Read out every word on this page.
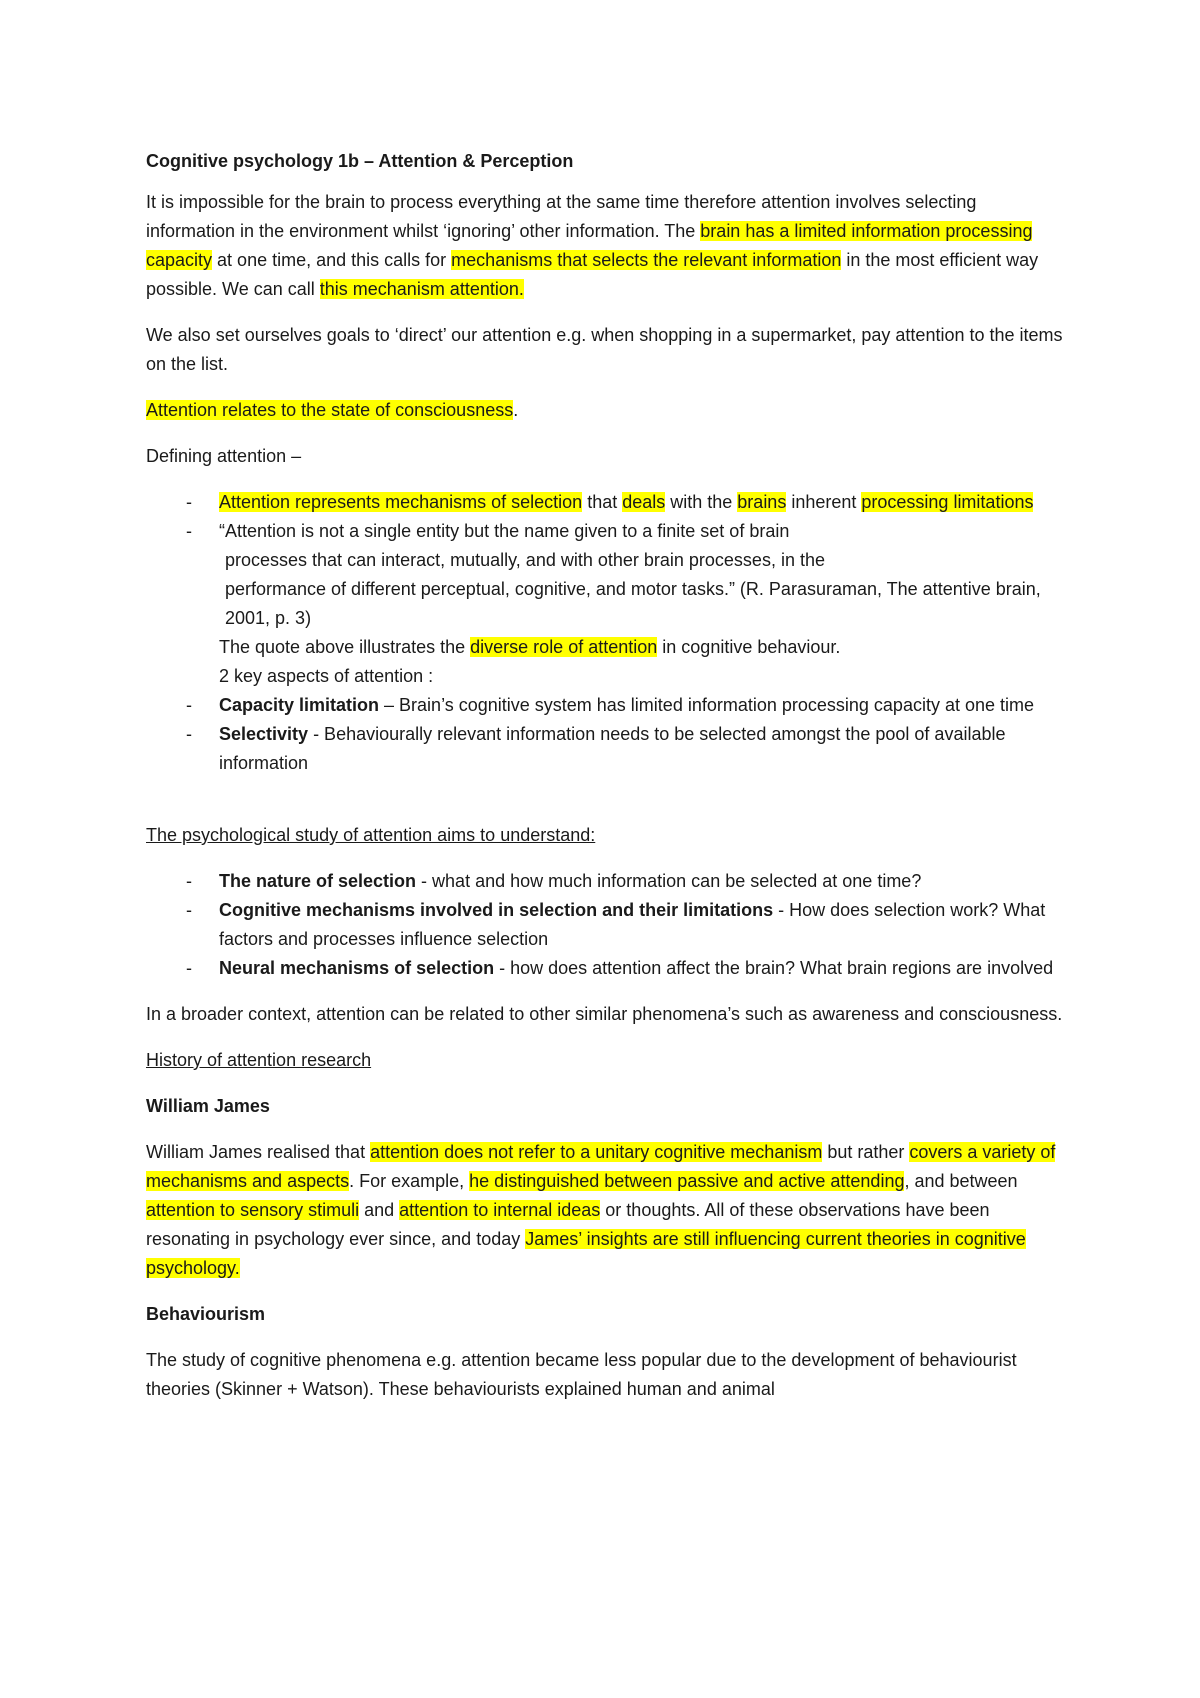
Cognitive psychology 1b – Attention & Perception

It is impossible for the brain to process everything at the same time therefore attention involves selecting information in the environment whilst ‘ignoring’ other information. The brain has a limited information processing capacity at one time, and this calls for mechanisms that selects the relevant information in the most efficient way possible. We can call this mechanism attention.

We also set ourselves goals to ‘direct’ our attention e.g. when shopping in a supermarket, pay attention to the items on the list.

Attention relates to the state of consciousness.

Defining attention –

- Attention represents mechanisms of selection that deals with the brains inherent processing limitations
- “Attention is not a single entity but the name given to a finite set of brain
processes that can interact, mutually, and with other brain processes, in the
performance of different perceptual, cognitive, and motor tasks.” (R. Parasuraman, The attentive brain, 2001, p. 3)
The quote above illustrates the diverse role of attention in cognitive behaviour.
2 key aspects of attention :
- Capacity limitation – Brain’s cognitive system has limited information processing capacity at one time
- Selectivity - Behaviourally relevant information needs to be selected amongst the pool of available information

The psychological study of attention aims to understand:

- The nature of selection - what and how much information can be selected at one time?
- Cognitive mechanisms involved in selection and their limitations - How does selection work? What factors and processes influence selection
- Neural mechanisms of selection - how does attention affect the brain? What brain regions are involved

In a broader context, attention can be related to other similar phenomena’s such as awareness and consciousness.

History of attention research

William James

William James realised that attention does not refer to a unitary cognitive mechanism but rather covers a variety of mechanisms and aspects. For example, he distinguished between passive and active attending, and between attention to sensory stimuli and attention to internal ideas or thoughts. All of these observations have been resonating in psychology ever since, and today James’ insights are still influencing current theories in cognitive psychology.

Behaviourism

The study of cognitive phenomena e.g. attention became less popular due to the development of behaviourist theories (Skinner + Watson). These behaviourists explained human and animal
